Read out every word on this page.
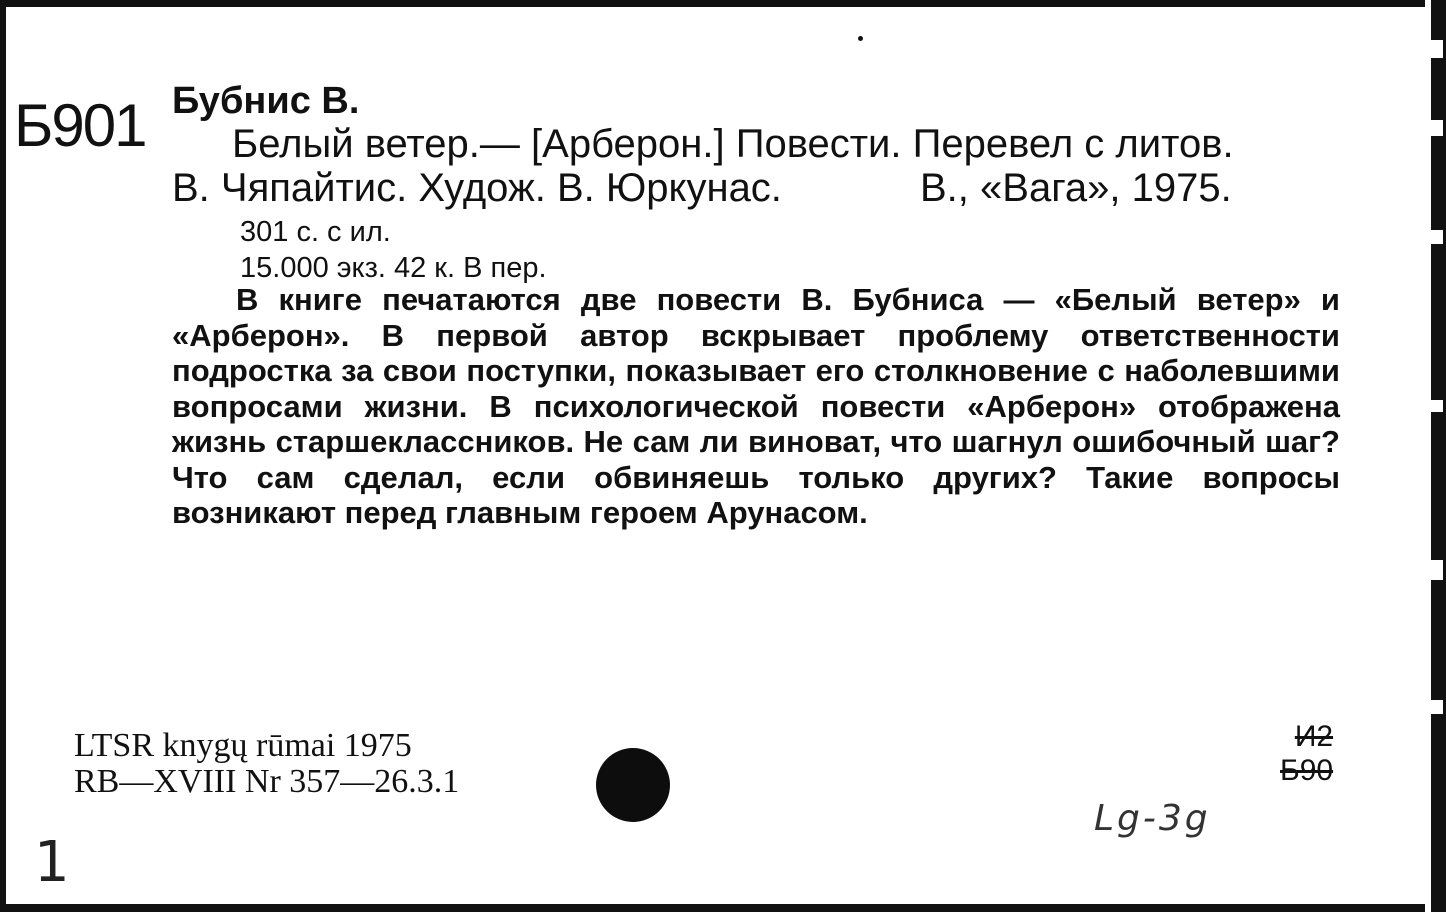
Б901 Бубнис В.

Белый ветер.— [Арберон.] Повести. Перевел с литов.

В. Чяпайтис. Худож. В. Юркунас.	В., «Вага», 1975.

301 с. с ил.

15.000 экз. 42 к. В пер.

В книге печатаются две повести В. Бубниса — «Белый ветер» и «Арберон». В первой автор вскрывает проблему ответственности подростка за свои поступки, показывает его столкновение с наболевшими вопросами жизни. В психологической повести «Арберон» отображена жизнь старшеклассников. Не сам ли виноват, что шагнул ошибочный шаг? Что сам сделал, если обвиняешь только других? Такие вопросы возникают перед главным героем Арунасом.

LTSR knygų rūmai 1975
RB—XVIII Nr 357—26.3.1
И2
Б90

Lg-3g

1
